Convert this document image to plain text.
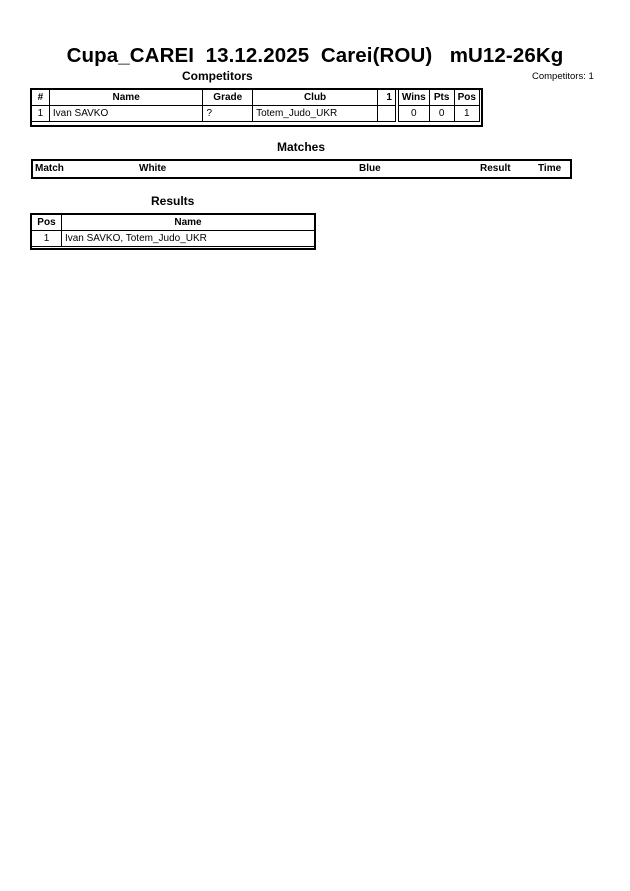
Cupa_CAREI  13.12.2025  Carei(ROU)   mU12-26Kg
Competitors	Competitors: 1
#	Name	Grade	Club	1		Wins	Pts	Pos
1	Ivan SAVKO	?	Totem_Judo_UKR			0	0	1
Matches
Match	White	Blue	Result	Time
Results
Pos	Name
1	Ivan SAVKO, Totem_Judo_UKR
